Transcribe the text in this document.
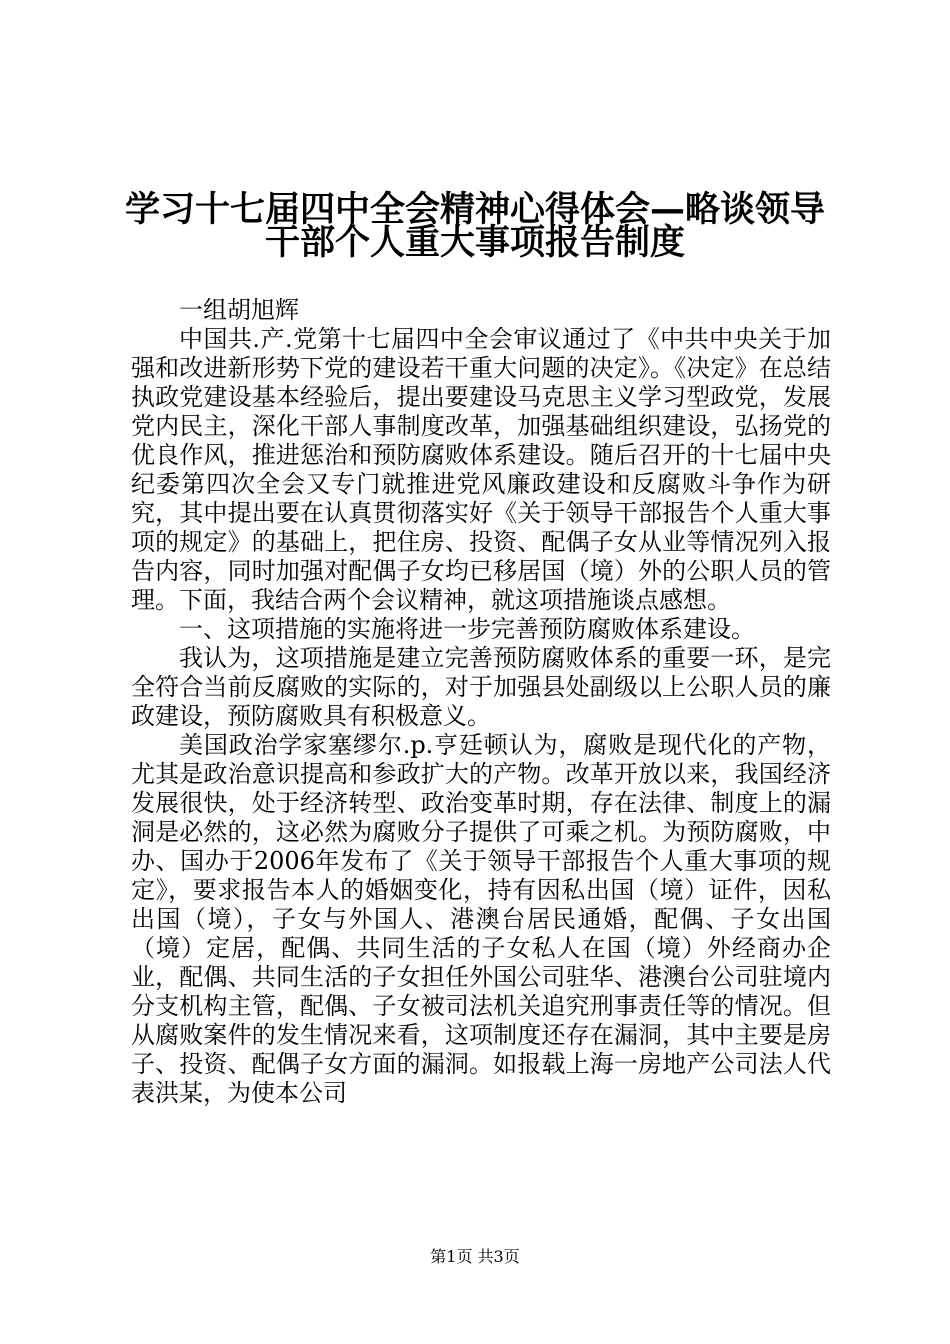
学习十七届四中全会精神心得体会—略谈领导
干部个人重大事项报告制度

一组胡旭辉

中国共.产.党第十七届四中全会审议通过了《中共中央关于加强和改进新形势下党的建设若干重大问题的决定》。《决定》在总结执政党建设基本经验后，提出要建设马克思主义学习型政党，发展党内民主，深化干部人事制度改革，加强基础组织建设，弘扬党的优良作风，推进惩治和预防腐败体系建设。随后召开的十七届中央纪委第四次全会又专门就推进党风廉政建设和反腐败斗争作为研究，其中提出要在认真贯彻落实好《关于领导干部报告个人重大事项的规定》的基础上，把住房、投资、配偶子女从业等情况列入报告内容，同时加强对配偶子女均已移居国（境）外的公职人员的管理。下面，我结合两个会议精神，就这项措施谈点感想。

一、这项措施的实施将进一步完善预防腐败体系建设。

我认为，这项措施是建立完善预防腐败体系的重要一环，是完全符合当前反腐败的实际的，对于加强县处副级以上公职人员的廉政建设，预防腐败具有积极意义。

美国政治学家塞缪尔.p.亨廷顿认为，腐败是现代化的产物，尤其是政治意识提高和参政扩大的产物。改革开放以来，我国经济发展很快，处于经济转型、政治变革时期，存在法律、制度上的漏洞是必然的，这必然为腐败分子提供了可乘之机。为预防腐败，中办、国办于2006年发布了《关于领导干部报告个人重大事项的规定》，要求报告本人的婚姻变化，持有因私出国（境）证件，因私出国（境），子女与外国人、港澳台居民通婚，配偶、子女出国（境）定居，配偶、共同生活的子女私人在国（境）外经商办企业，配偶、共同生活的子女担任外国公司驻华、港澳台公司驻境内分支机构主管，配偶、子女被司法机关追究刑事责任等的情况。但从腐败案件的发生情况来看，这项制度还存在漏洞，其中主要是房子、投资、配偶子女方面的漏洞。如报载上海一房地产公司法人代表洪某，为使本公司

第1页 共3页
